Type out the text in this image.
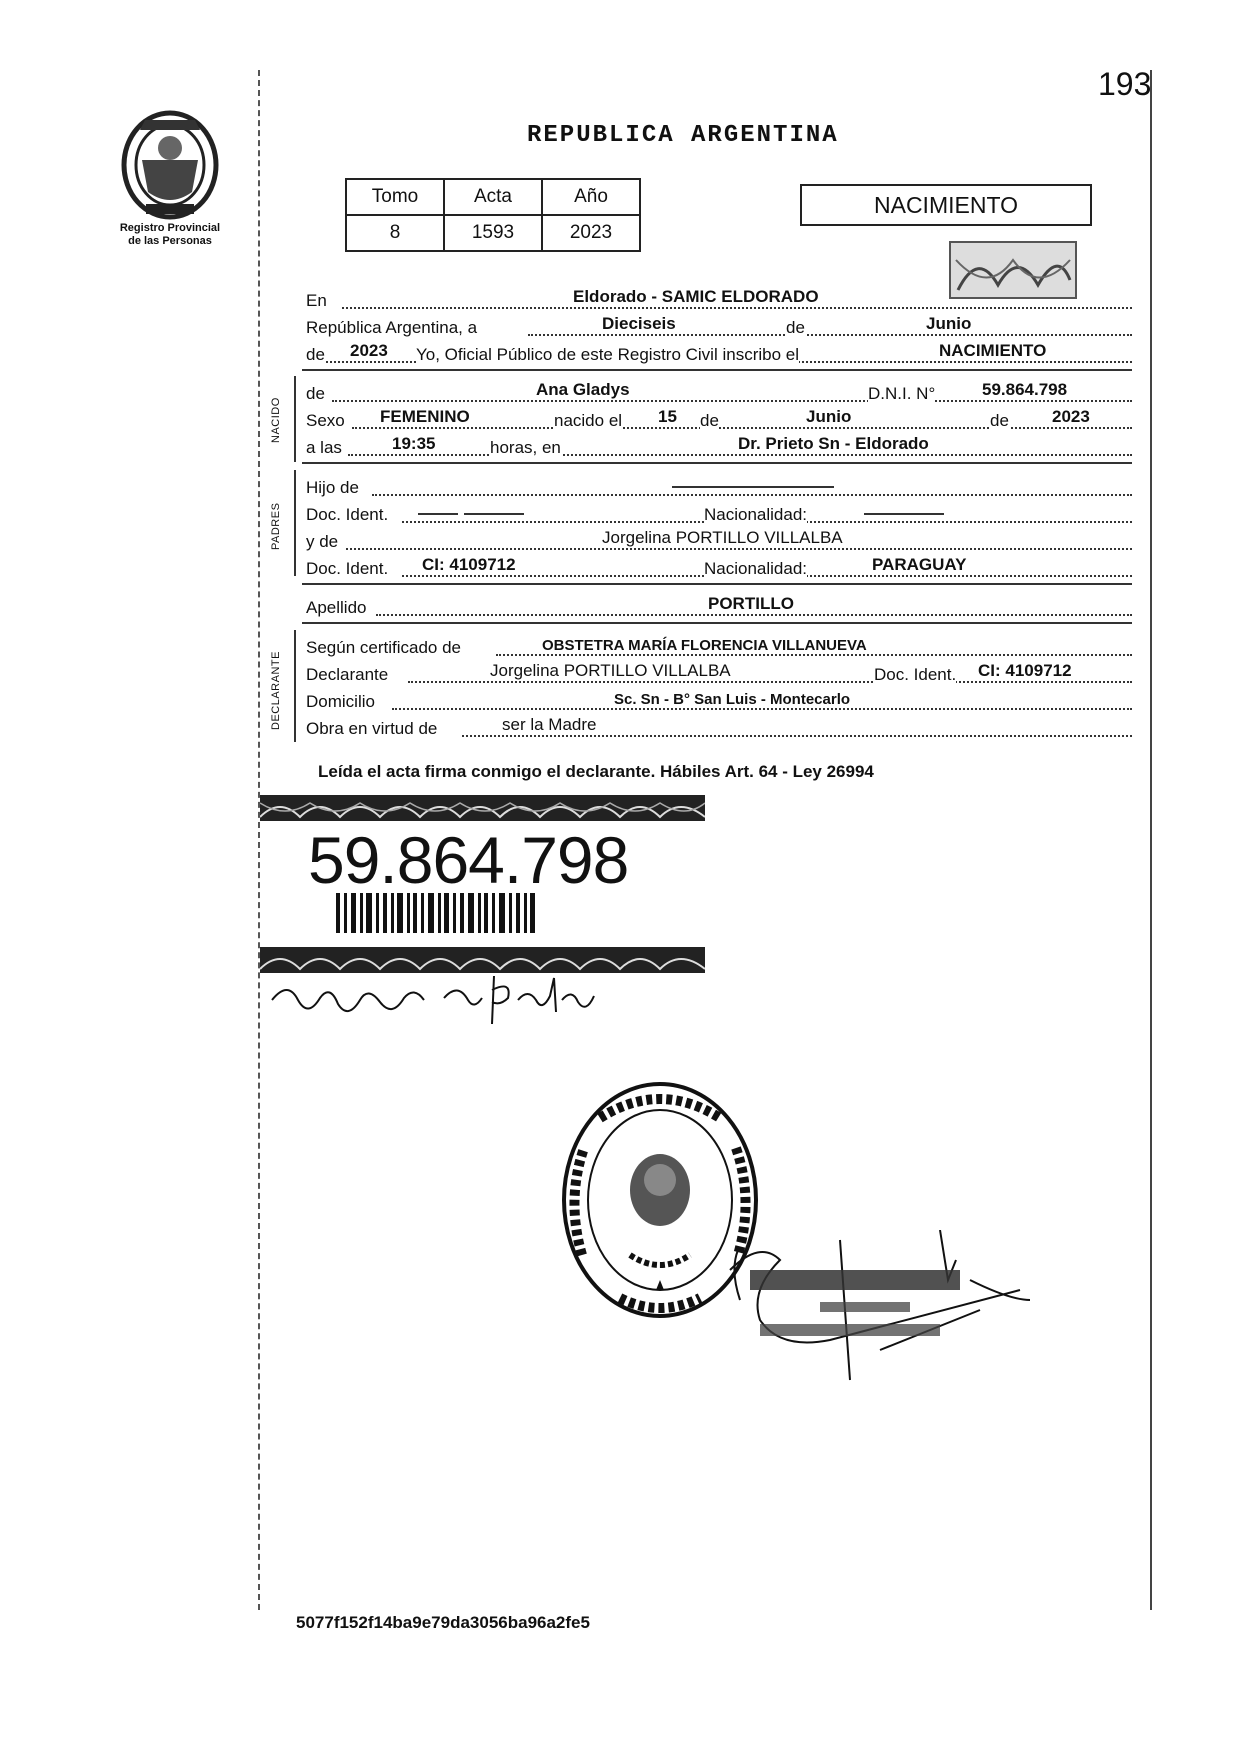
193
REPUBLICA ARGENTINA
Registro Provincial
de las Personas
Tomo	Acta	Año
8	1593	2023
NACIMIENTO
En	Eldorado - SAMIC ELDORADO
República Argentina, a	Dieciseis	de	Junio
de 2023 Yo, Oficial Público de este Registro Civil inscribo el	NACIMIENTO
NACIDO
de	Ana Gladys	D.N.I. N°	59.864.798
Sexo FEMENINO	nacido el 15 de	Junio	de	2023
a las	19:35	horas, en	Dr. Prieto Sn - Eldorado
PADRES
Hijo de
Doc. Ident.	Nacionalidad:
y de	Jorgelina PORTILLO VILLALBA
Doc. Ident. CI: 4109712	Nacionalidad:	PARAGUAY
Apellido	PORTILLO
DECLARANTE
Según certificado de	OBSTETRA MARÍA FLORENCIA VILLANUEVA
Declarante	Jorgelina PORTILLO VILLALBA	Doc. Ident. CI: 4109712
Domicilio	Sc. Sn - B° San Luis - Montecarlo
Obra en virtud de	ser la Madre
Leída el acta firma conmigo el declarante. Hábiles Art. 64 - Ley 26994
59.864.798
5077f152f14ba9e79da3056ba96a2fe5
